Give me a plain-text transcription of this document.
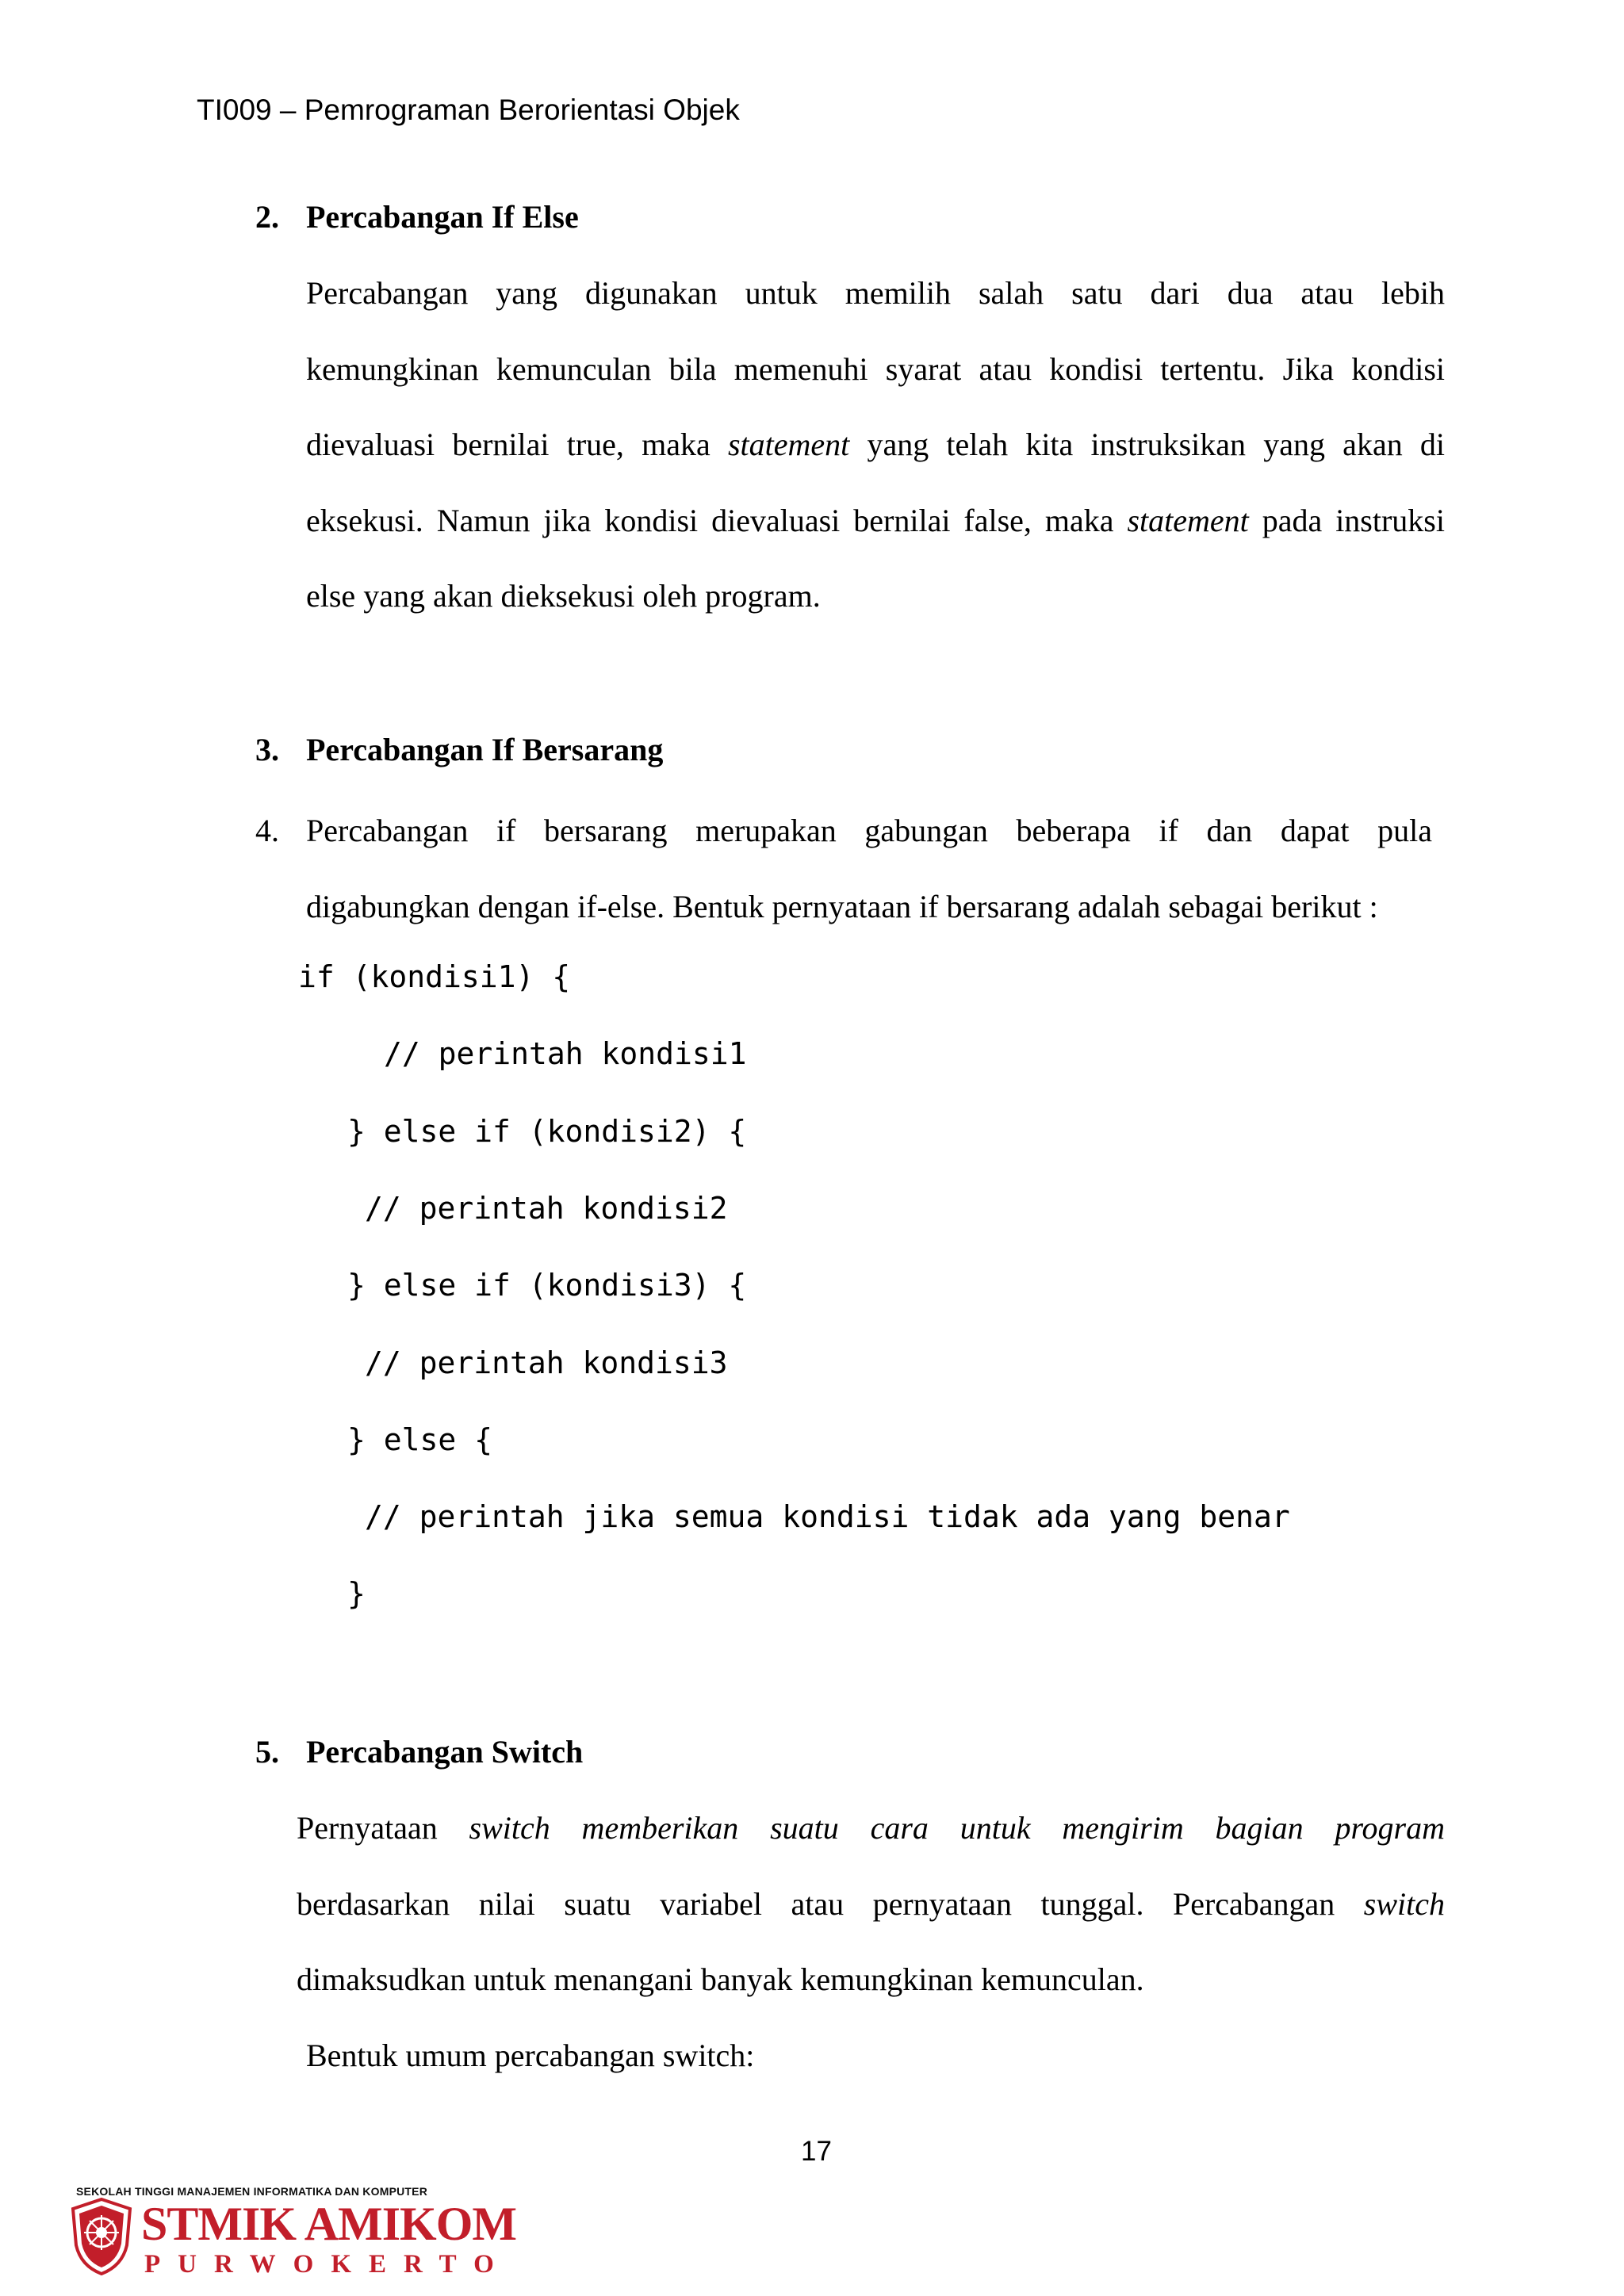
TI009 – Pemrograman Berorientasi Objek
2. Percabangan If Else
Percabangan yang digunakan untuk memilih salah satu dari dua atau lebih
kemungkinan kemunculan bila memenuhi syarat atau kondisi tertentu. Jika kondisi
dievaluasi bernilai true, maka statement yang telah kita instruksikan yang akan di
eksekusi. Namun jika kondisi dievaluasi bernilai false, maka statement pada instruksi
else yang akan dieksekusi oleh program.
3. Percabangan If Bersarang
4. Percabangan if bersarang merupakan gabungan beberapa if dan dapat pula
digabungkan dengan if-else. Bentuk pernyataan if bersarang adalah sebagai berikut :
if (kondisi1) {
// perintah kondisi1
} else if (kondisi2) {
// perintah kondisi2
} else if (kondisi3) {
// perintah kondisi3
} else {
// perintah jika semua kondisi tidak ada yang benar
}
5. Percabangan Switch
Pernyataan switch memberikan suatu cara untuk mengirim bagian program
berdasarkan nilai suatu variabel atau pernyataan tunggal. Percabangan switch
dimaksudkan untuk menangani banyak kemungkinan kemunculan.
Bentuk umum percabangan switch:
17
SEKOLAH TINGGI MANAJEMEN INFORMATIKA DAN KOMPUTER
STMIK AMIKOM
PURWOKERTO
